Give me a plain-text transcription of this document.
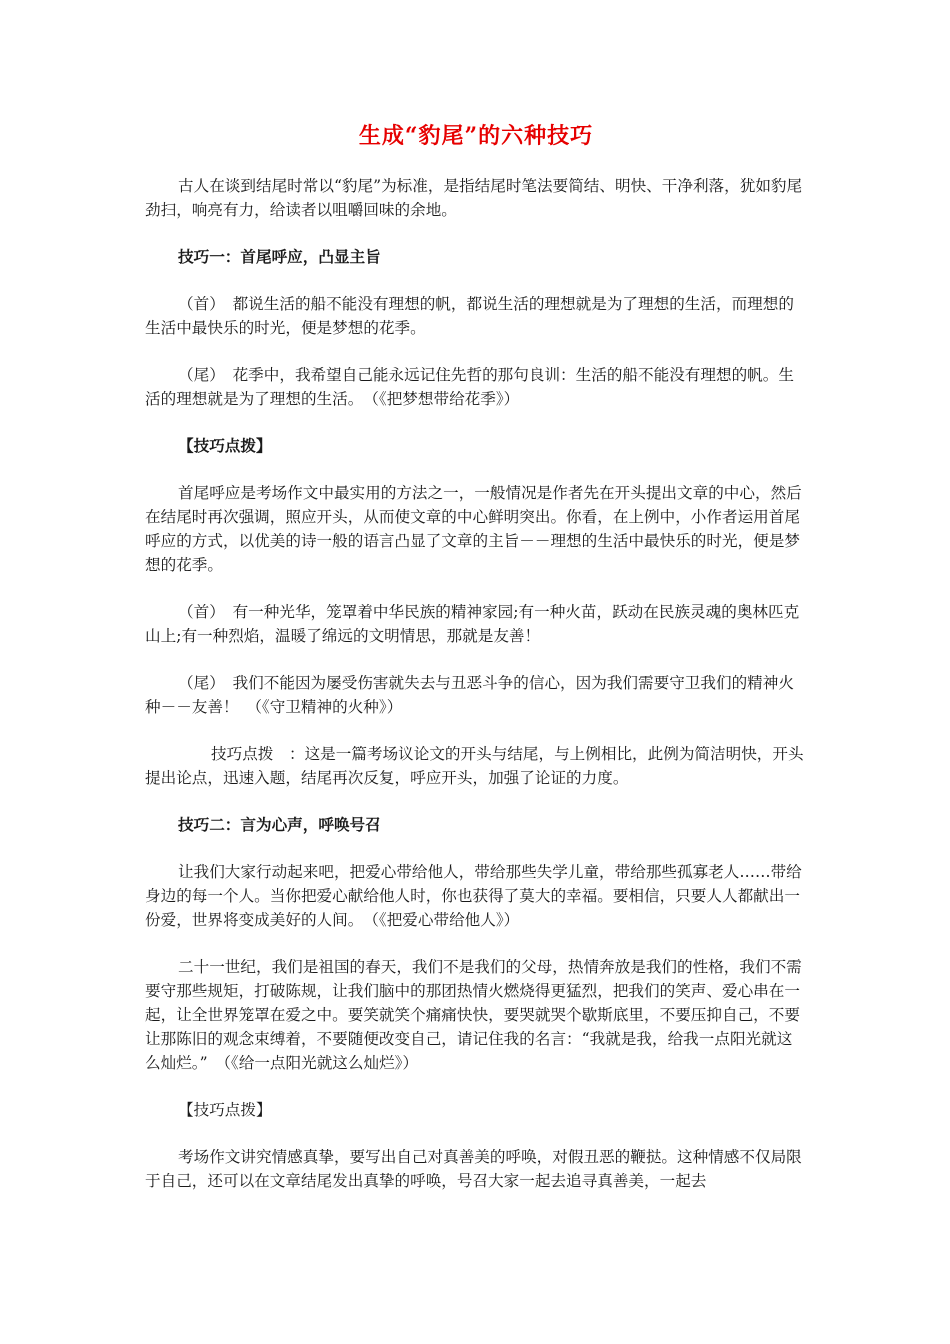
生成“豹尾”的六种技巧

古人在谈到结尾时常以“豹尾”为标准，是指结尾时笔法要简结、明快、干净利落，犹如豹尾劲扫，响亮有力，给读者以咀嚼回味的余地。

技巧一：首尾呼应，凸显主旨

（首）　都说生活的船不能没有理想的帆，都说生活的理想就是为了理想的生活，而理想的生活中最快乐的时光，便是梦想的花季。

（尾）　花季中，我希望自己能永远记住先哲的那句良训：生活的船不能没有理想的帆。生活的理想就是为了理想的生活。　（《把梦想带给花季》）

【技巧点拨】

首尾呼应是考场作文中最实用的方法之一，一般情况是作者先在开头提出文章的中心，然后在结尾时再次强调，照应开头，从而使文章的中心鲜明突出。你看，在上例中，小作者运用首尾呼应的方式，以优美的诗一般的语言凸显了文章的主旨－－理想的生活中最快乐的时光，便是梦想的花季。

（首）　有一种光华，笼罩着中华民族的精神家园;有一种火苗，跃动在民族灵魂的奥林匹克山上;有一种烈焰，温暖了绵远的文明情思，那就是友善！

（尾）　我们不能因为屡受伤害就失去与丑恶斗争的信心，因为我们需要守卫我们的精神火种－－友善！　（《守卫精神的火种》）

技巧点拨　：这是一篇考场议论文的开头与结尾，与上例相比，此例为简洁明快，开头提出论点，迅速入题，结尾再次反复，呼应开头，加强了论证的力度。

技巧二：言为心声，呼唤号召

让我们大家行动起来吧，把爱心带给他人，带给那些失学儿童，带给那些孤寡老人……带给身边的每一个人。当你把爱心献给他人时，你也获得了莫大的幸福。要相信，只要人人都献出一份爱，世界将变成美好的人间。　（《把爱心带给他人》）

二十一世纪，我们是祖国的春天，我们不是我们的父母，热情奔放是我们的性格，我们不需要守那些规矩，打破陈规，让我们脑中的那团热情火燃烧得更猛烈，把我们的笑声、爱心串在一起，让全世界笼罩在爱之中。要笑就笑个痛痛快快，要哭就哭个歇斯底里，不要压抑自己，不要让那陈旧的观念束缚着，不要随便改变自己，请记住我的名言：“我就是我，给我一点阳光就这么灿烂。”　（《给一点阳光就这么灿烂》）

【技巧点拨】

考场作文讲究情感真挚，要写出自己对真善美的呼唤，对假丑恶的鞭挞。这种情感不仅局限于自己，还可以在文章结尾发出真挚的呼唤，号召大家一起去追寻真善美，一起去
